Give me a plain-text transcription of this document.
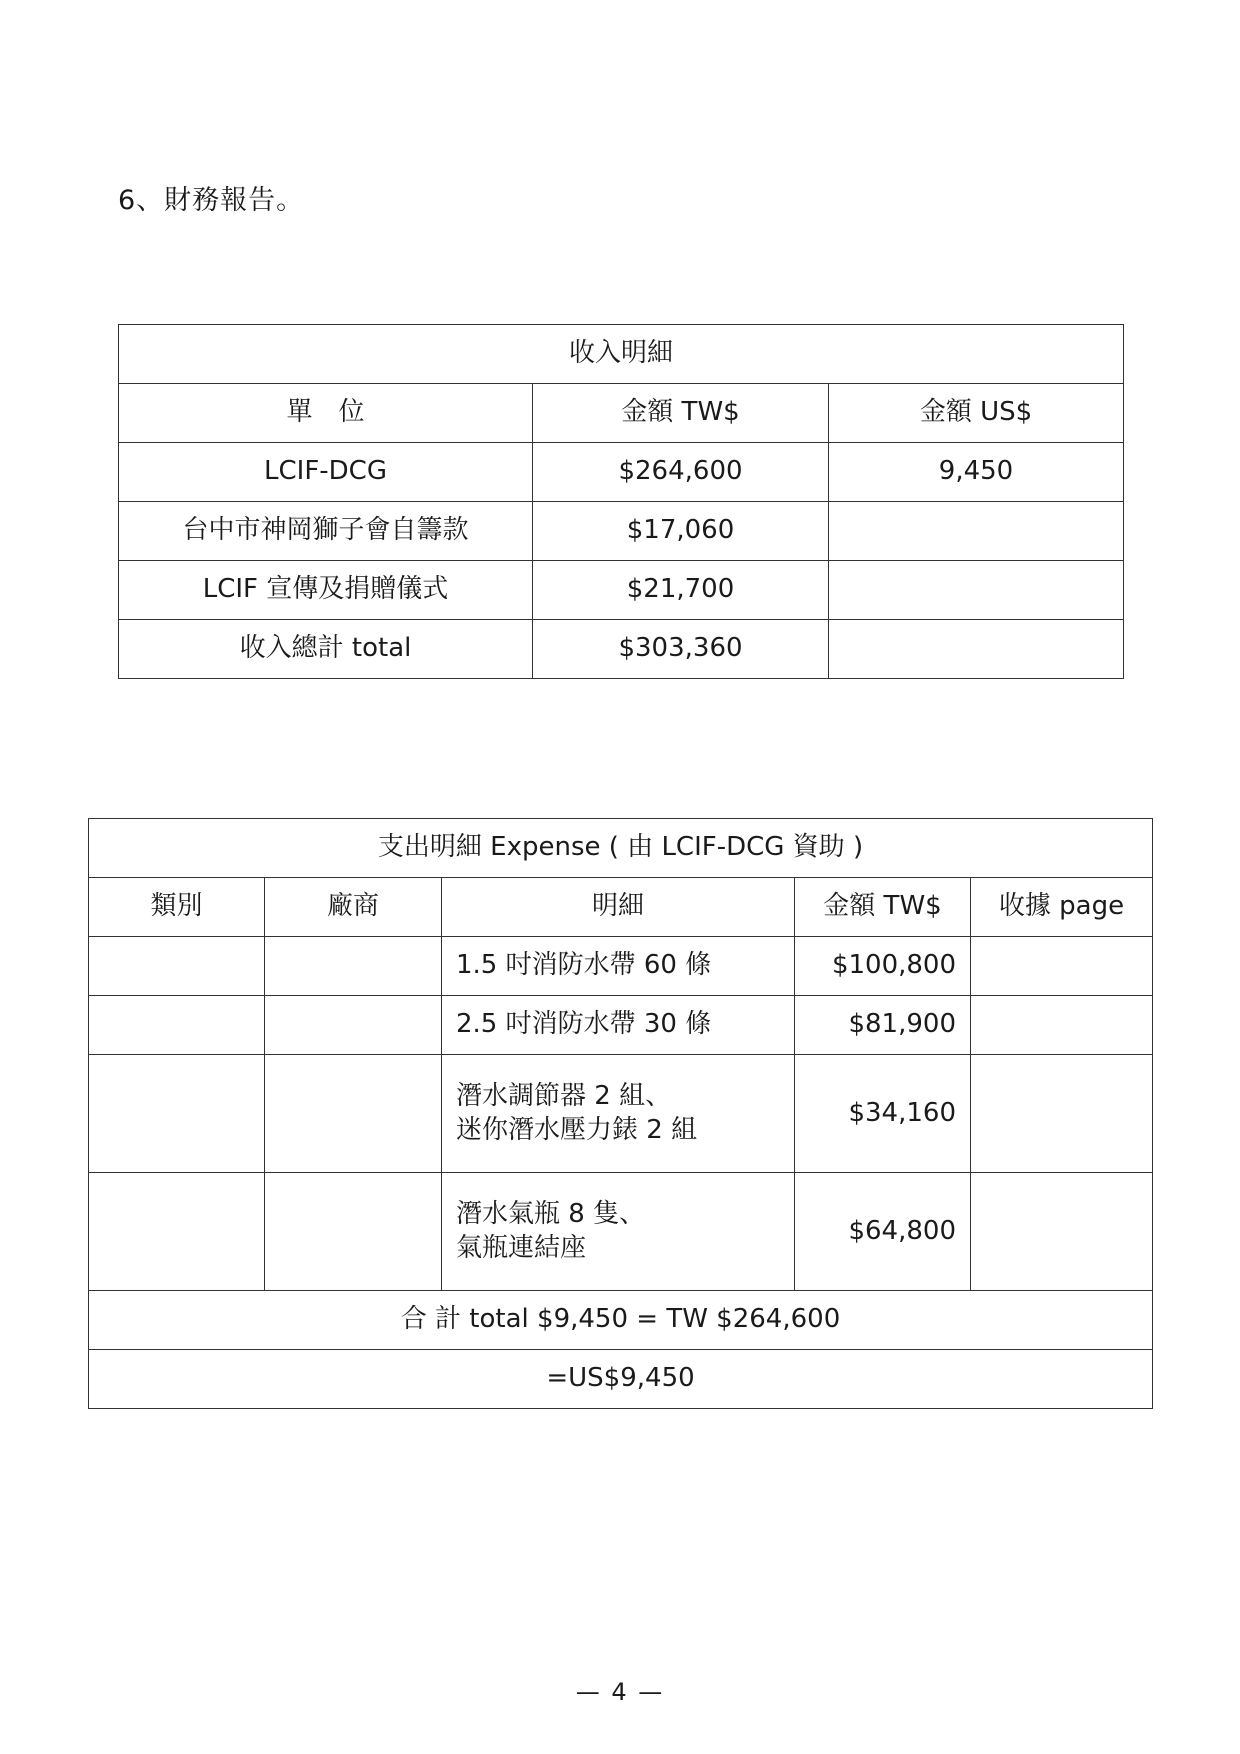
6、財務報告。
收入明細		
單　位	金額 TW$	金額 US$
LCIF-DCG	$264,600	9,450
台中市神岡獅子會自籌款	$17,060	
LCIF 宣傳及捐贈儀式	$21,700	
收入總計 total	$303,360	
支出明細 Expense ( 由 LCIF-DCG 資助 )				
類別	廠商	明細	金額 TW$	收據 page
		1.5 吋消防水帶 60 條	$100,800	
		2.5 吋消防水帶 30 條	$81,900	
		潛水調節器 2 組、
迷你潛水壓力錶 2 組	$34,160	
		潛水氣瓶 8 隻、
氣瓶連結座	$64,800	
合 計 total $9,450 = TW $264,600				
=US$9,450				
— 4 —
